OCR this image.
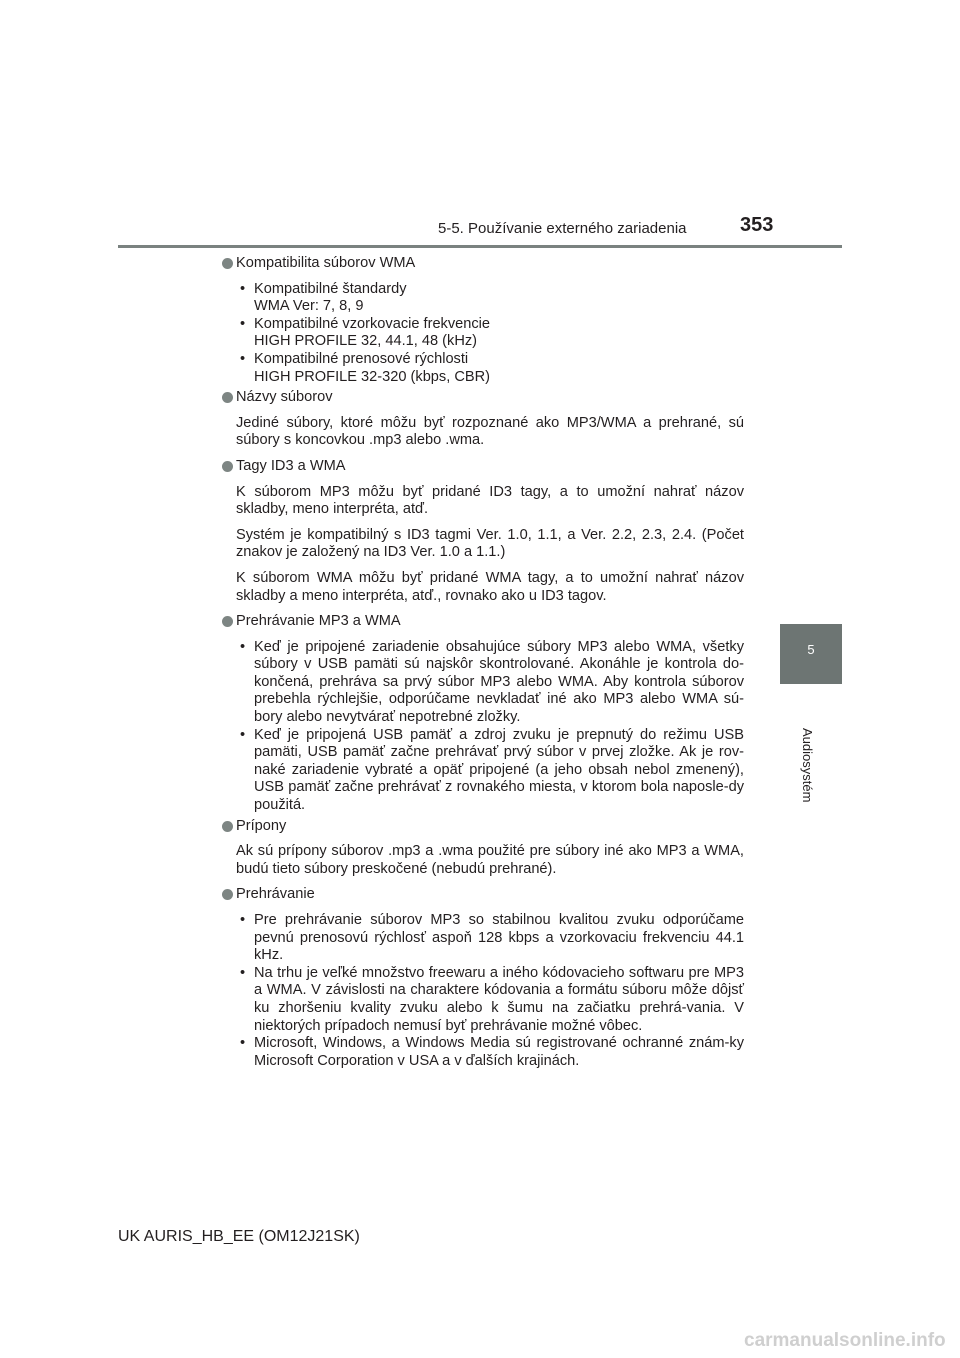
5-5. Používanie externého zariadenia	353
5
Audiosystém
Kompatibilita súborov WMA
• Kompatibilné štandardy
WMA Ver: 7, 8, 9
• Kompatibilné vzorkovacie frekvencie
HIGH PROFILE 32, 44.1, 48 (kHz)
• Kompatibilné prenosové rýchlosti
HIGH PROFILE 32-320 (kbps, CBR)
Názvy súborov

Jediné súbory, ktoré môžu byť rozpoznané ako MP3/WMA a prehrané, sú súbory s koncovkou .mp3 alebo .wma.

Tagy ID3 a WMA

K súborom MP3 môžu byť pridané ID3 tagy, a to umožní nahrať názov skladby, meno interpréta, atď.

Systém je kompatibilný s ID3 tagmi Ver. 1.0, 1.1, a Ver. 2.2, 2.3, 2.4. (Počet znakov je založený na ID3 Ver. 1.0 a 1.1.)

K súborom WMA môžu byť pridané WMA tagy, a to umožní nahrať názov skladby a meno interpréta, atď., rovnako ako u ID3 tagov.

Prehrávanie MP3 a WMA
• Keď je pripojené zariadenie obsahujúce súbory MP3 alebo WMA, všetky súbory v USB pamäti sú najskôr skontrolované. Akonáhle je kontrola do-končená, prehráva sa prvý súbor MP3 alebo WMA. Aby kontrola súborov prebehla rýchlejšie, odporúčame nevkladať iné ako MP3 alebo WMA sú-bory alebo nevytvárať nepotrebné zložky.
• Keď je pripojená USB pamäť a zdroj zvuku je prepnutý do režimu USB pamäti, USB pamäť začne prehrávať prvý súbor v prvej zložke. Ak je rov-naké zariadenie vybraté a opäť pripojené (a jeho obsah nebol zmenený), USB pamäť začne prehrávať z rovnakého miesta, v ktorom bola naposle-dy použitá.
Prípony

Ak sú prípony súborov .mp3 a .wma použité pre súbory iné ako MP3 a WMA, budú tieto súbory preskočené (nebudú prehrané).

Prehrávanie
• Pre prehrávanie súborov MP3 so stabilnou kvalitou zvuku odporúčame pevnú prenosovú rýchlosť aspoň 128 kbps a vzorkovaciu frekvenciu 44.1 kHz.
• Na trhu je veľké množstvo freewaru a iného kódovacieho softwaru pre MP3 a WMA. V závislosti na charaktere kódovania a formátu súboru môže dôjsť ku zhoršeniu kvality zvuku alebo k šumu na začiatku prehrá-vania. V niektorých prípadoch nemusí byť prehrávanie možné vôbec.
• Microsoft, Windows, a Windows Media sú registrované ochranné znám-ky Microsoft Corporation v USA a v ďalších krajinách.
UK AURIS_HB_EE (OM12J21SK)
carmanualsonline.info
